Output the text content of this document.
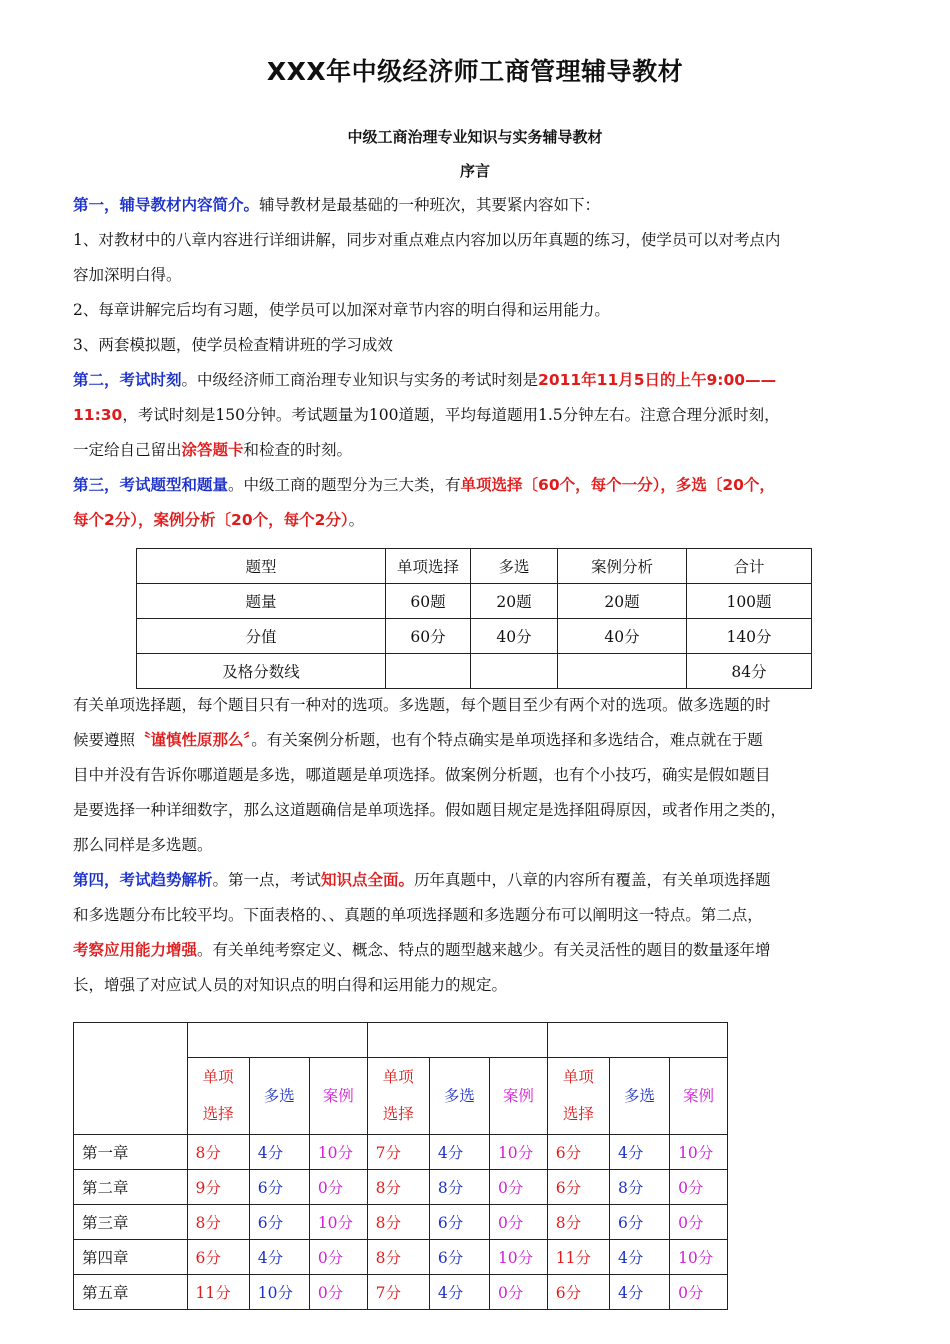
XXX年中级经济师工商管理辅导教材
中级工商治理专业知识与实务辅导教材
序言

第一，辅导教材内容简介。辅导教材是最基础的一种班次，其要紧内容如下：

1、对教材中的八章内容进行详细讲解，同步对重点难点内容加以历年真题的练习，使学员可以对考点内

容加深明白得。

2、每章讲解完后均有习题，使学员可以加深对章节内容的明白得和运用能力。

3、两套模拟题，使学员检查精讲班的学习成效

第二，考试时刻。中级经济师工商治理专业知识与实务的考试时刻是2011年11月5日的上午9:00——

11:30，考试时刻是150分钟。考试题量为100道题，平均每道题用1.5分钟左右。注意合理分派时刻，

一定给自己留出涂答题卡和检查的时刻。

第三，考试题型和题量。中级工商的题型分为三大类，有单项选择〔60个，每个一分），多选〔20个，

每个2分），案例分析〔20个，每个2分）。

题型	单项选择	多选	案例分析	合计
题量	60题	20题	20题	100题
分值	60分	40分	40分	140分
及格分数线				84分

有关单项选择题，每个题目只有一种对的选项。多选题，每个题目至少有两个对的选项。做多选题的时

候要遵照〝谨慎性原那么〞。有关案例分析题，也有个特点确实是单项选择和多选结合，难点就在于题

目中并没有告诉你哪道题是多选，哪道题是单项选择。做案例分析题，也有个小技巧，确实是假如题目

是要选择一种详细数字，那么这道题确信是单项选择。假如题目规定是选择阻碍原因，或者作用之类的，

那么同样是多选题。

第四，考试趋势解析。第一点，考试知识点全面。历年真题中，八章的内容所有覆盖，有关单项选择题

和多选题分布比较平均。下面表格的、、真题的单项选择题和多选题分布可以阐明这一特点。第二点，

考察应用能力增强。有关单纯考察定义、概念、特点的题型越来越少。有关灵活性的题目的数量逐年增

长，增强了对应试人员的对知识点的明白得和运用能力的规定。

	单项
选择	多选	案例	单项
选择	多选	案例	单项
选择	多选	案例
第一章	8分	4分	10分	7分	4分	10分	6分	4分	10分
第二章	9分	6分	0分	8分	8分	0分	6分	8分	0分
第三章	8分	6分	10分	8分	6分	0分	8分	6分	0分
第四章	6分	4分	0分	8分	6分	10分	11分	4分	10分
第五章	11分	10分	0分	7分	4分	0分	6分	4分	0分
